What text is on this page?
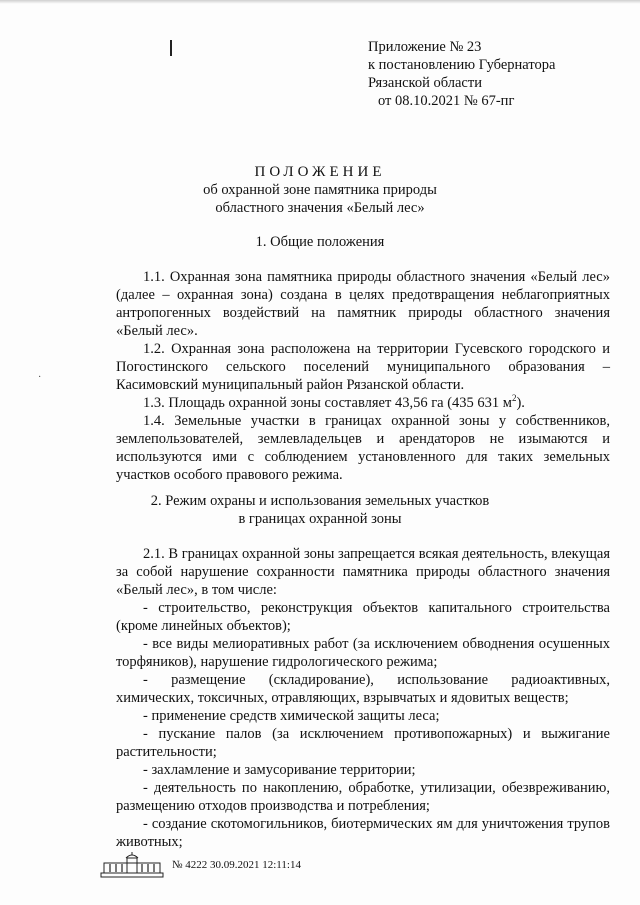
Приложение № 23
к постановлению Губернатора
Рязанской области
от 08.10.2021 № 67-пг
ПОЛОЖЕНИЕ
об охранной зоне памятника природы
областного значения «Белый лес»
1. Общие положения
1.1. Охранная зона памятника природы областного значения «Белый лес» (далее – охранная зона) создана в целях предотвращения неблагоприятных антропогенных воздействий на памятник природы областного значения «Белый лес».
1.2. Охранная зона расположена на территории Гусевского городского и Погостинского сельского поселений муниципального образования – Касимовский муниципальный район Рязанской области.
1.3. Площадь охранной зоны составляет 43,56 га (435 631 $м^2$).
1.4. Земельные участки в границах охранной зоны у собственников, землепользователей, землевладельцев и арендаторов не изымаются и используются ими с соблюдением установленного для таких земельных участков особого правового режима.
2. Режим охраны и использования земельных участков
в границах охранной зоны
2.1. В границах охранной зоны запрещается всякая деятельность, влекущая за собой нарушение сохранности памятника природы областного значения «Белый лес», в том числе:
- строительство, реконструкция объектов капитального строительства (кроме линейных объектов);
- все виды мелиоративных работ (за исключением обводнения осушенных торфяников), нарушение гидрологического режима;
- размещение (складирование), использование радиоактивных, химических, токсичных, отравляющих, взрывчатых и ядовитых веществ;
- применение средств химической защиты леса;
- пускание палов (за исключением противопожарных) и выжигание растительности;
- захламление и замусоривание территории;
- деятельность по накоплению, обработке, утилизации, обезвреживанию, размещению отходов производства и потребления;
- создание скотомогильников, биотермических ям для уничтожения трупов животных;
№ 4222 30.09.2021 12:11:14
·
